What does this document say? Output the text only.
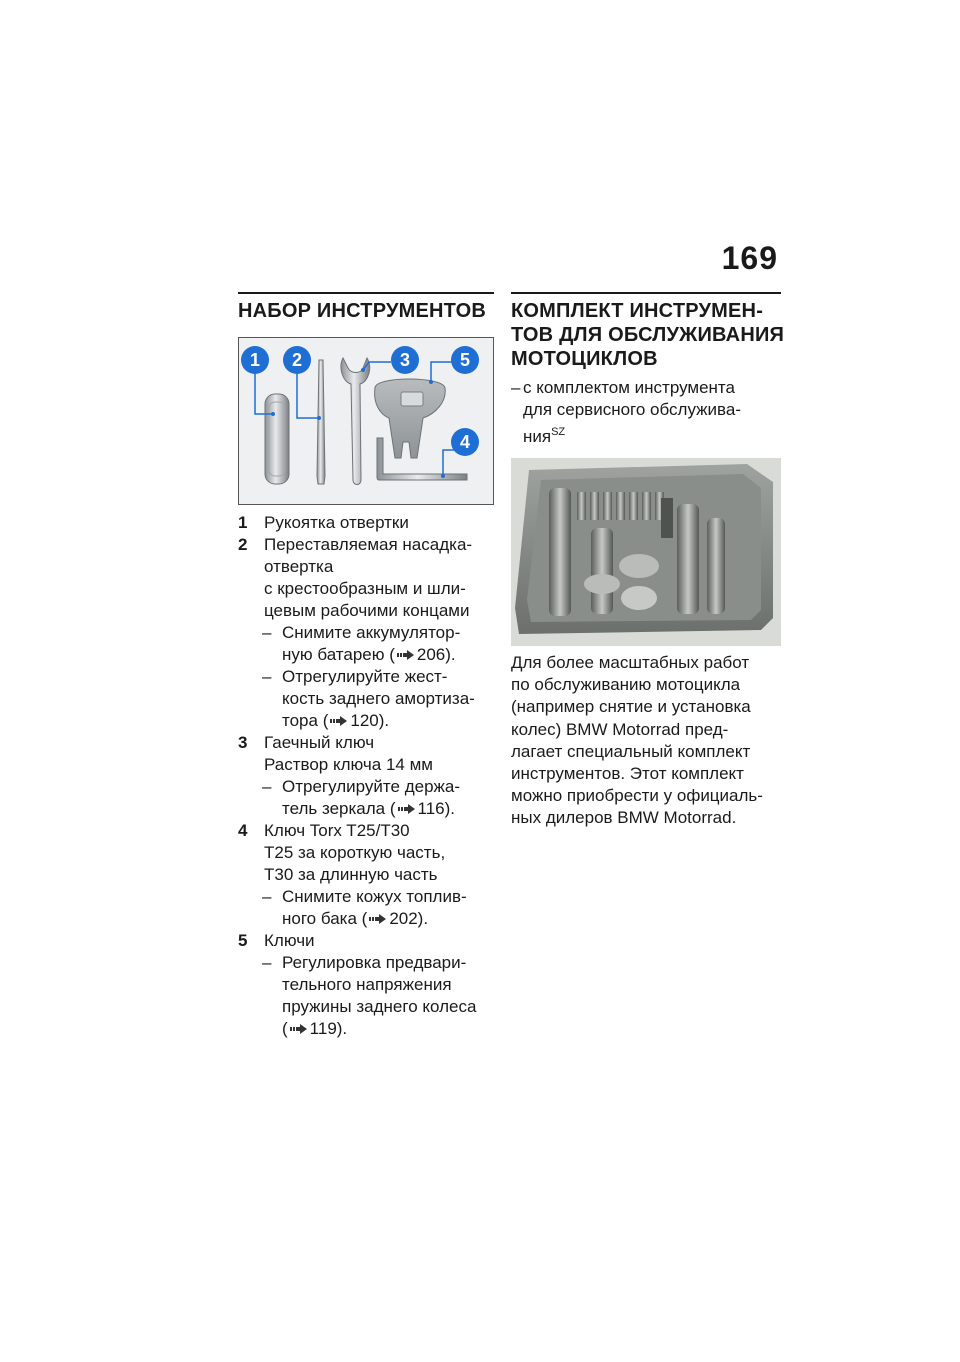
169
НАБОР ИНСТРУМЕНТОВ
1 2	3	5
4
1 Рукоятка отвертки
2 Переставляемая насадка-
отвертка
с крестообразным и шли-
цевым рабочими концами
– Снимите аккумулятор-
ную батарею ( 206).
– Отрегулируйте жест-
кость заднего амортиза-
тора ( 120).
3 Гаечный ключ
Раствор ключа 14 мм
– Отрегулируйте держа-
тель зеркала ( 116).
4 Ключ Torx T25/T30
T25 за короткую часть,
T30 за длинную часть
– Снимите кожух топлив-
ного бака ( 202).
5 Ключи
– Регулировка предвари-
тельного напряжения
пружины заднего колеса
( 119).
КОМПЛЕКТ ИНСТРУМЕН-
ТОВ ДЛЯ ОБСЛУЖИВАНИЯ
МОТОЦИКЛОВ
– с комплектом инструмента
для сервисного обслужива-
ния$^{SZ}$
Для более масштабных работ
по обслуживанию мотоцикла
(например снятие и установка
колес) BMW Motorrad пред-
лагает специальный комплект
инструментов. Этот комплект
можно приобрести у официаль-
ных дилеров BMW Motorrad.
